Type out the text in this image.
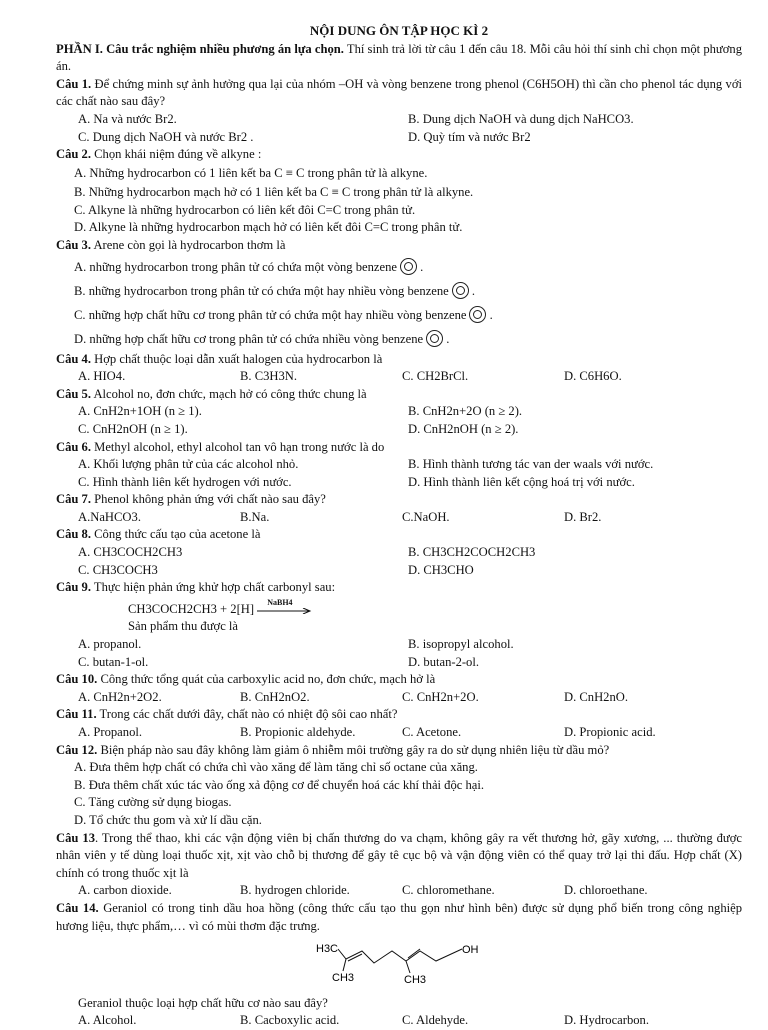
NỘI DUNG ÔN TẬP HỌC KÌ 2
PHẦN I. Câu trắc nghiệm nhiều phương án lựa chọn. Thí sinh trả lời từ câu 1 đến câu 18. Mỗi câu hỏi thí sinh chỉ chọn một phương án.
Câu 1. Để chứng minh sự ảnh hưởng qua lại của nhóm –OH và vòng benzene trong phenol (C6H5OH) thì cần cho phenol tác dụng với các chất nào sau đây?
A. Na và nước Br2.	B. Dung dịch NaOH và dung dịch NaHCO3.
C. Dung dịch NaOH và nước Br2 .	D. Quỳ tím và nước Br2
Câu 2. Chọn khái niệm đúng về alkyne :
A. Những hydrocarbon có 1 liên kết ba C ≡ C trong phân tử là alkyne.
B. Những hydrocarbon mạch hở có 1 liên kết ba C ≡ C trong phân tử là alkyne.
C. Alkyne là những hydrocarbon có liên kết đôi C=C trong phân tử.
D. Alkyne là những hydrocarbon mạch hở có liên kết đôi C=C trong phân tử.
Câu 3. Arene còn gọi là hydrocarbon thơm là
A. những hydrocarbon trong phân tử có chứa một vòng benzene .
B. những hydrocarbon trong phân tử có chứa một hay nhiều vòng benzene .
C. những hợp chất hữu cơ trong phân tử có chứa một hay nhiều vòng benzene .
D. những hợp chất hữu cơ trong phân tử có chứa nhiều vòng benzene .
Câu 4. Hợp chất thuộc loại dẫn xuất halogen của hydrocarbon là
A. HIO4.	B. C3H3N.	C. CH2BrCl.	D. C6H6O.
Câu 5. Alcohol no, đơn chức, mạch hở có công thức chung là
A. CnH2n+1OH (n ≥ 1).	B. CnH2n+2O (n ≥ 2).
C. CnH2nOH (n ≥ 1).	D. CnH2nOH (n ≥ 2).
Câu 6. Methyl alcohol, ethyl alcohol tan vô hạn trong nước là do
A. Khối lượng phân tử của các alcohol nhỏ.	B. Hình thành tương tác van der waals với nước.
C. Hình thành liên kết hydrogen với nước.	D. Hình thành liên kết cộng hoá trị với nước.
Câu 7. Phenol không phản ứng với chất nào sau đây?
A.NaHCO3.	B.Na.	C.NaOH.	D. Br2.
Câu 8. Công thức cấu tạo của acetone là
A. CH3COCH2CH3	B. CH3CH2COCH2CH3
C. CH3COCH3	D. CH3CHO
Câu 9. Thực hiện phản ứng khử hợp chất carbonyl sau:
CH3COCH2CH3 + 2[H] NaBH4
Sản phẩm thu được là
A. propanol.	B. isopropyl alcohol.
C. butan-1-ol.	D. butan-2-ol.
Câu 10. Công thức tổng quát của carboxylic acid no, đơn chức, mạch hở là
A. CnH2n+2O2.	B. CnH2nO2.	C. CnH2n+2O.	D. CnH2nO.
Câu 11. Trong các chất dưới đây, chất nào có nhiệt độ sôi cao nhất?
A. Propanol.	B. Propionic aldehyde.	C. Acetone.	D. Propionic acid.
Câu 12. Biện pháp nào sau đây không làm giảm ô nhiễm môi trường gây ra do sử dụng nhiên liệu từ dầu mỏ?
A. Đưa thêm hợp chất có chứa chì vào xăng để làm tăng chỉ số octane của xăng.
B. Đưa thêm chất xúc tác vào ống xả động cơ để chuyển hoá các khí thải độc hại.
C. Tăng cường sử dụng biogas.
D. Tổ chức thu gom và xử lí dầu cặn.
Câu 13. Trong thể thao, khi các vận động viên bị chấn thương do va chạm, không gây ra vết thương hở, gãy xương, ... thường được nhân viên y tế dùng loại thuốc xịt, xịt vào chỗ bị thương để gây tê cục bộ và vận động viên có thể quay trở lại thi đấu. Hợp chất (X) chính có trong thuốc xịt là
A. carbon dioxide.	B. hydrogen chloride.	C. chloromethane.	D. chloroethane.
Câu 14. Geraniol có trong tinh dầu hoa hồng (công thức cấu tạo thu gọn như hình bên) được sử dụng phổ biến trong công nghiệp hương liệu, thực phẩm,… vì có mùi thơm đặc trưng.
H3C
CH3	CH3
OH
Geraniol thuộc loại hợp chất hữu cơ nào sau đây?
A. Alcohol.	B. Cacboxylic acid.	C. Aldehyde.	D. Hydrocarbon.
